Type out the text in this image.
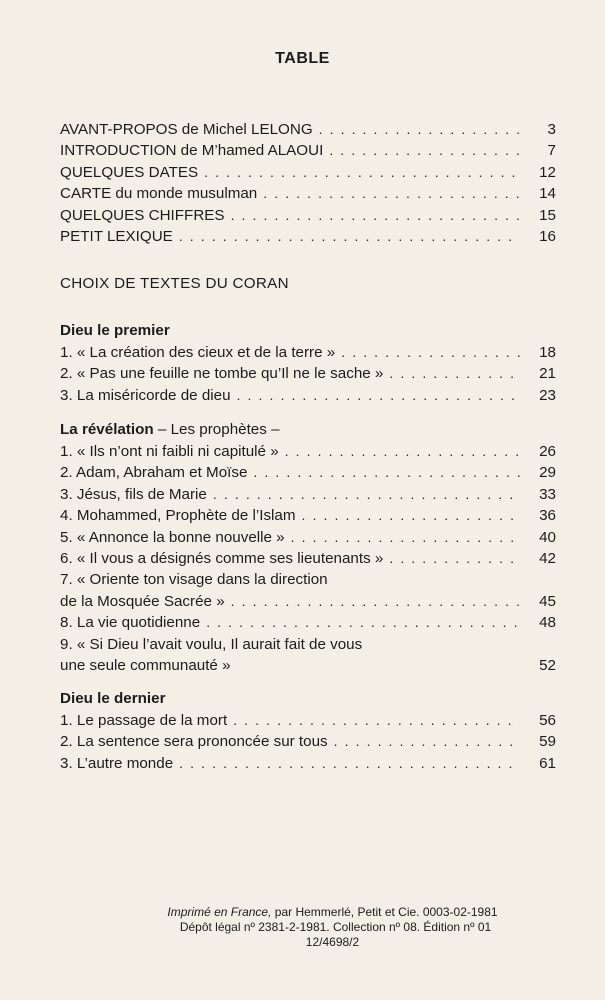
TABLE
AVANT-PROPOS de Michel LELONG . . .	3
INTRODUCTION de M’hamed ALAOUI . . .	7
QUELQUES DATES . . .	12
CARTE du monde musulman . . .	14
QUELQUES CHIFFRES . . .	15
PETIT LEXIQUE . . .	16
CHOIX DE TEXTES DU CORAN
Dieu le premier
1. « La création des cieux et de la terre » . . .	18
2. « Pas une feuille ne tombe qu’Il ne le sache » . . .	21
3. La miséricorde de dieu . . .	23
La révélation – Les prophètes –
1. « Ils n’ont ni faibli ni capitulé » . . .	26
2. Adam, Abraham et Moïse . . .	29
3. Jésus, fils de Marie . . .	33
4. Mohammed, Prophète de l’Islam . . .	36
5. « Annonce la bonne nouvelle » . . .	40
6. « Il vous a désignés comme ses lieutenants » . . .	42
7. « Oriente ton visage dans la direction
de la Mosquée Sacrée » . . .	45
8. La vie quotidienne . . .	48
9. « Si Dieu l’avait voulu, Il aurait fait de vous
une seule communauté »	52
Dieu le dernier
1. Le passage de la mort . . .	56
2. La sentence sera prononcée sur tous . . .	59
3. L’autre monde . . .	61
Imprimé en France, par Hemmerlé, Petit et Cie. 0003-02-1981
Dépôt légal nº 2381-2-1981. Collection nº 08. Édition nº 01
12/4698/2
